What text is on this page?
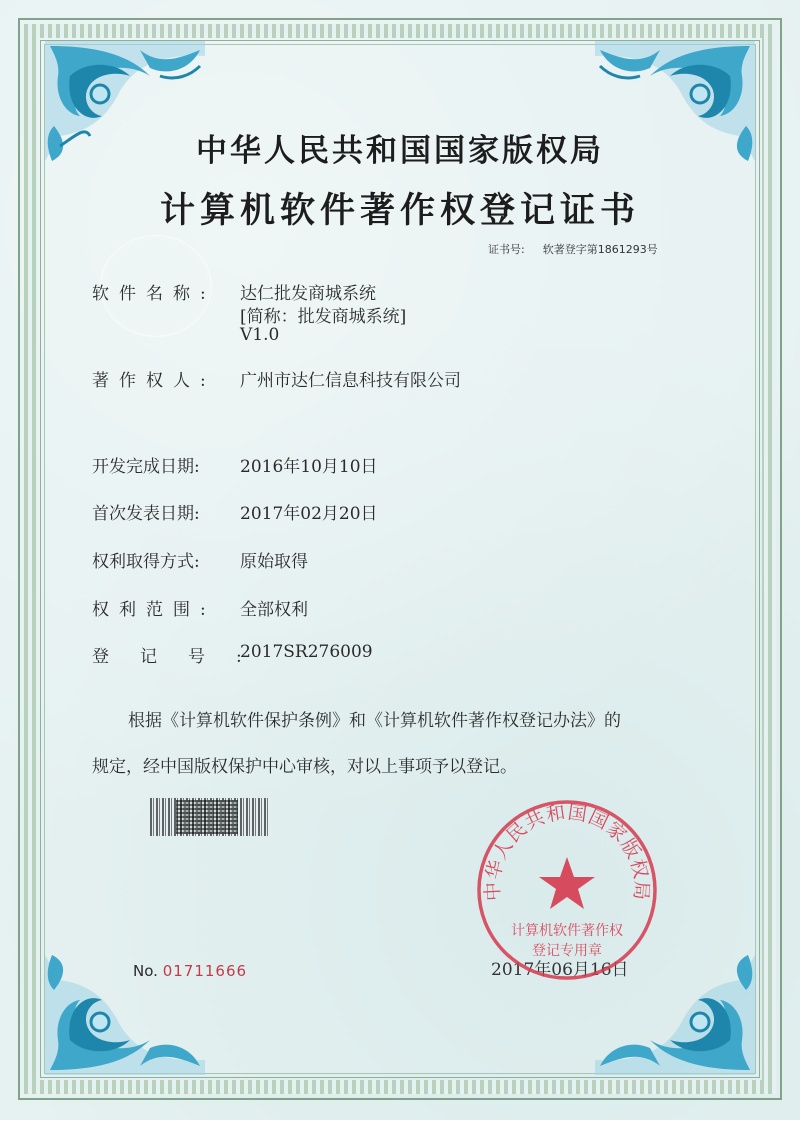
中华人民共和国国家版权局
计算机软件著作权登记证书
证书号: 软著登字第1861293号
软件名称: 达仁批发商城系统
[简称：批发商城系统]
V1.0
著作权人: 广州市达仁信息科技有限公司
开发完成日期: 2016年10月10日
首次发表日期: 2017年02月20日
权利取得方式: 原始取得
权利范围: 全部权利
登记号:
2017SR276009
根据《计算机软件保护条例》和《计算机软件著作权登记办法》的
规定，经中国版权保护中心审核，对以上事项予以登记。
No. 01711666	2017年06月16日
中华人民共和国国家版权局
计算机软件著作权
登记专用章
